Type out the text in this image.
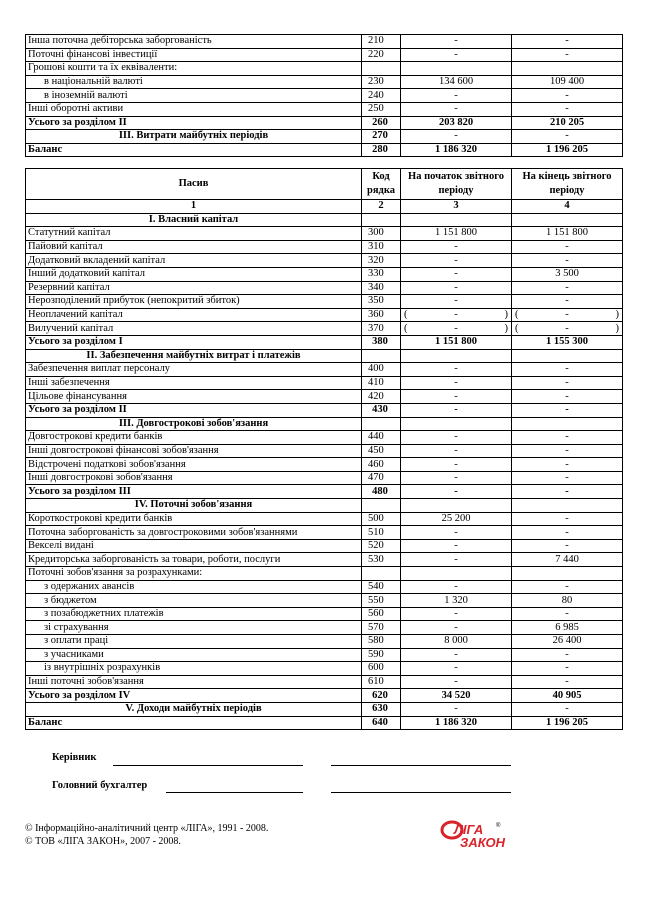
Інша поточна дебіторська заборгованість	210	-	-
Поточні фінансові інвестиції	220	-	-
Грошові кошти та їх еквіваленти:			
в національній валюті	230	134 600	109 400
в іноземній валюті	240	-	-
Інші оборотні активи	250	-	-
Усього за розділом II	260	203 820	210 205
III. Витрати майбутніх періодів	270	-	-
Баланс	280	1 186 320	1 196 205
Пасив	Код рядка	На початок звітного періоду	На кінець звітного періоду
1	2	3	4
I. Власний капітал			
Статутний капітал	300	1 151 800	1 151 800
Пайовий капітал	310	-	-
Додатковий вкладений капітал	320	-	-
Інший додатковий капітал	330	-	3 500
Резервний капітал	340	-	-
Нерозподілений прибуток (непокритий збиток)	350	-	-
Неоплачений капітал	360	( - )	( - )

Вилучений капітал	370	( - )	( - )

Усього за розділом I	380	1 151 800	1 155 300
II. Забезпечення майбутніх витрат і платежів			
Забезпечення виплат персоналу	400	-	-
Інші забезпечення	410	-	-
Цільове фінансування	420	-	-
Усього за розділом II	430	-	-
III. Довгострокові зобов'язання			
Довгострокові кредити банків	440	-	-
Інші довгострокові фінансові зобов'язання	450	-	-
Відстрочені податкові зобов'язання	460	-	-
Інші довгострокові зобов'язання	470	-	-
Усього за розділом III	480	-	-
IV. Поточні зобов'язання			
Короткострокові кредити банків	500	25 200	-
Поточна заборгованість за довгостроковими зобов'язаннями	510	-	-
Векселі видані	520	-	-
Кредиторська заборгованість за товари, роботи, послуги	530	-	7 440
Поточні зобов'язання за розрахунками:			
з одержаних авансів	540	-	-
з бюджетом	550	1 320	80
з позабюджетних платежів	560	-	-
зі страхування	570	-	6 985
з оплати праці	580	8 000	26 400
з учасниками	590	-	-
із внутрішніх розрахунків	600	-	-
Інші поточні зобов'язання	610	-	-
Усього за розділом IV	620	34 520	40 905
V. Доходи майбутніх періодів	630	-	-
Баланс	640	1 186 320	1 196 205
Керівник
Головний бухгалтер
© Інформаційно-аналітичний центр «ЛІГА», 1991 - 2008.
© ТОВ «ЛІГА ЗАКОН», 2007 - 2008.
ЛІГА ®
ЗАКОН
